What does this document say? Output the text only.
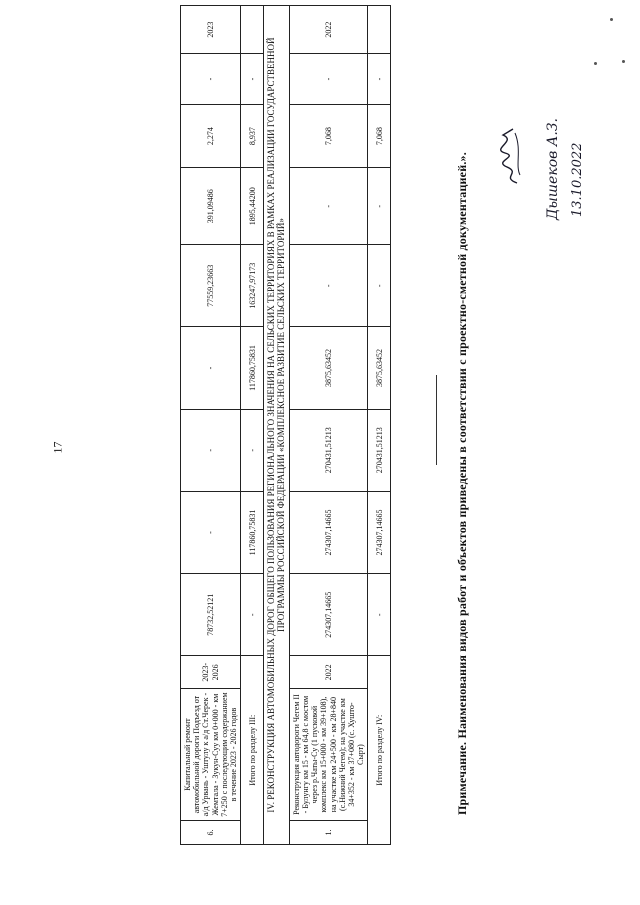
17
6.	Капитальный ремонт автомобильной дороги Подъезд от а/д Урвань - Уштулу к а/д Ст.Черек - Жемтала - Зукун-Суу км 0+000 - км 7+250 с последующим содержанием в течение 2023 - 2026 годов	2023-2026	78732,52121	-	-	-	77559,23663	391,09486	2,274	-	2023
Итого по разделу III:			-	117860,75831	-	117860,75831	163247,97173	1895,44200	8,937	-	
IV. РЕКОНСТРУКЦИЯ АВТОМОБИЛЬНЫХ ДОРОГ ОБЩЕГО ПОЛЬЗОВАНИЯ РЕГИОНАЛЬНОГО ЗНАЧЕНИЯ НА СЕЛЬСКИХ ТЕРРИТОРИЯХ В РАМКАХ РЕАЛИЗАЦИИ ГОСУДАРСТВЕННОЙ ПРОГРАММЫ РОССИЙСКОЙ ФЕДЕРАЦИИ «КОМПЛЕКСНОЕ РАЗВИТИЕ СЕЛЬСКИХ ТЕРРИТОРИЙ»											
1.	Реконструкция автодороги Чегем II - Булунгу км 15 - км 64,8 с мостом через р.Чаты-Су (1 пусковой комплекс км 15+000 - км 39+108), на участке км 24+500 - км 28+840 (с.Нижний Чегем); на участке км 34+352 - км 37+080 (с. Хушто-Сырт)	2022	274307,14665	274307,14665	270431,51213	3875,63452	-	-	7,068	-	2022
Итого по разделу IV:			-	274307,14665	270431,51213	3875,63452	-	-	7,068	-	
Примечание. Наименования видов работ и объектов приведены в соответствии с проектно-сметной документацией.».	Дышеков А.З. 13.10.2022
